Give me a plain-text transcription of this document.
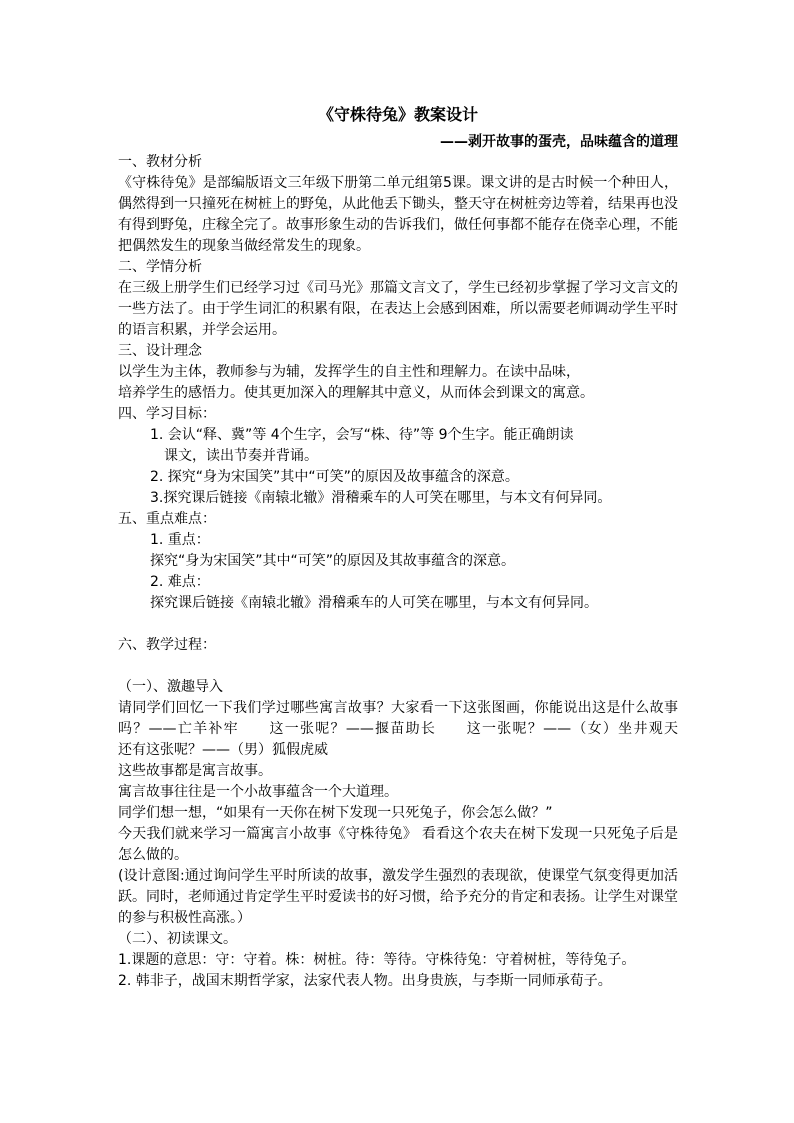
《守株待兔》教案设计

——剥开故事的蛋壳，品味蕴含的道理

一、教材分析

《守株待兔》是部编版语文三年级下册第二单元组第5课。课文讲的是古时候一个种田人，偶然得到一只撞死在树桩上的野兔，从此他丢下锄头，整天守在树桩旁边等着，结果再也没有得到野兔，庄稼全完了。故事形象生动的告诉我们，做任何事都不能存在侥幸心理，不能把偶然发生的现象当做经常发生的现象。

二、学情分析

在三级上册学生们已经学习过《司马光》那篇文言文了，学生已经初步掌握了学习文言文的一些方法了。由于学生词汇的积累有限，在表达上会感到困难，所以需要老师调动学生平时的语言积累，并学会运用。

三、设计理念

以学生为主体，教师参与为辅，发挥学生的自主性和理解力。在读中品味，

培养学生的感悟力。使其更加深入的理解其中意义，从而体会到课文的寓意。

四、学习目标：

1. 会认“释、冀”等 4个生字，会写“株、待”等 9个生字。能正确朗读

课文，读出节奏并背诵。

2. 探究“身为宋国笑”其中“可笑”的原因及故事蕴含的深意。

3.探究课后链接《南辕北辙》滑稽乘车的人可笑在哪里，与本文有何异同。

五、重点难点：

1. 重点：

探究“身为宋国笑”其中“可笑”的原因及其故事蕴含的深意。

2. 难点：

探究课后链接《南辕北辙》滑稽乘车的人可笑在哪里，与本文有何异同。

六、教学过程：

（一）、激趣导入

请同学们回忆一下我们学过哪些寓言故事？大家看一下这张图画，你能说出这是什么故事吗？——亡羊补牢　　这一张呢？——揠苗助长　　这一张呢？——（女）坐井观天　　　　还有这张呢？——（男）狐假虎威

这些故事都是寓言故事。

寓言故事往往是一个小故事蕴含一个大道理。

同学们想一想，“如果有一天你在树下发现一只死兔子，你会怎么做？”

今天我们就来学习一篇寓言小故事《守株待兔》 看看这个农夫在树下发现一只死兔子后是怎么做的。

(设计意图:通过询问学生平时所读的故事，激发学生强烈的表现欲，使课堂气氛变得更加活跃。同时，老师通过肯定学生平时爱读书的好习惯，给予充分的肯定和表扬。让学生对课堂的参与积极性高涨。）

（二）、初读课文。

1.课题的意思：守：守着。株：树桩。待：等待。守株待兔：守着树桩，等待兔子。

2. 韩非子，战国末期哲学家，法家代表人物。出身贵族，与李斯一同师承荀子。
